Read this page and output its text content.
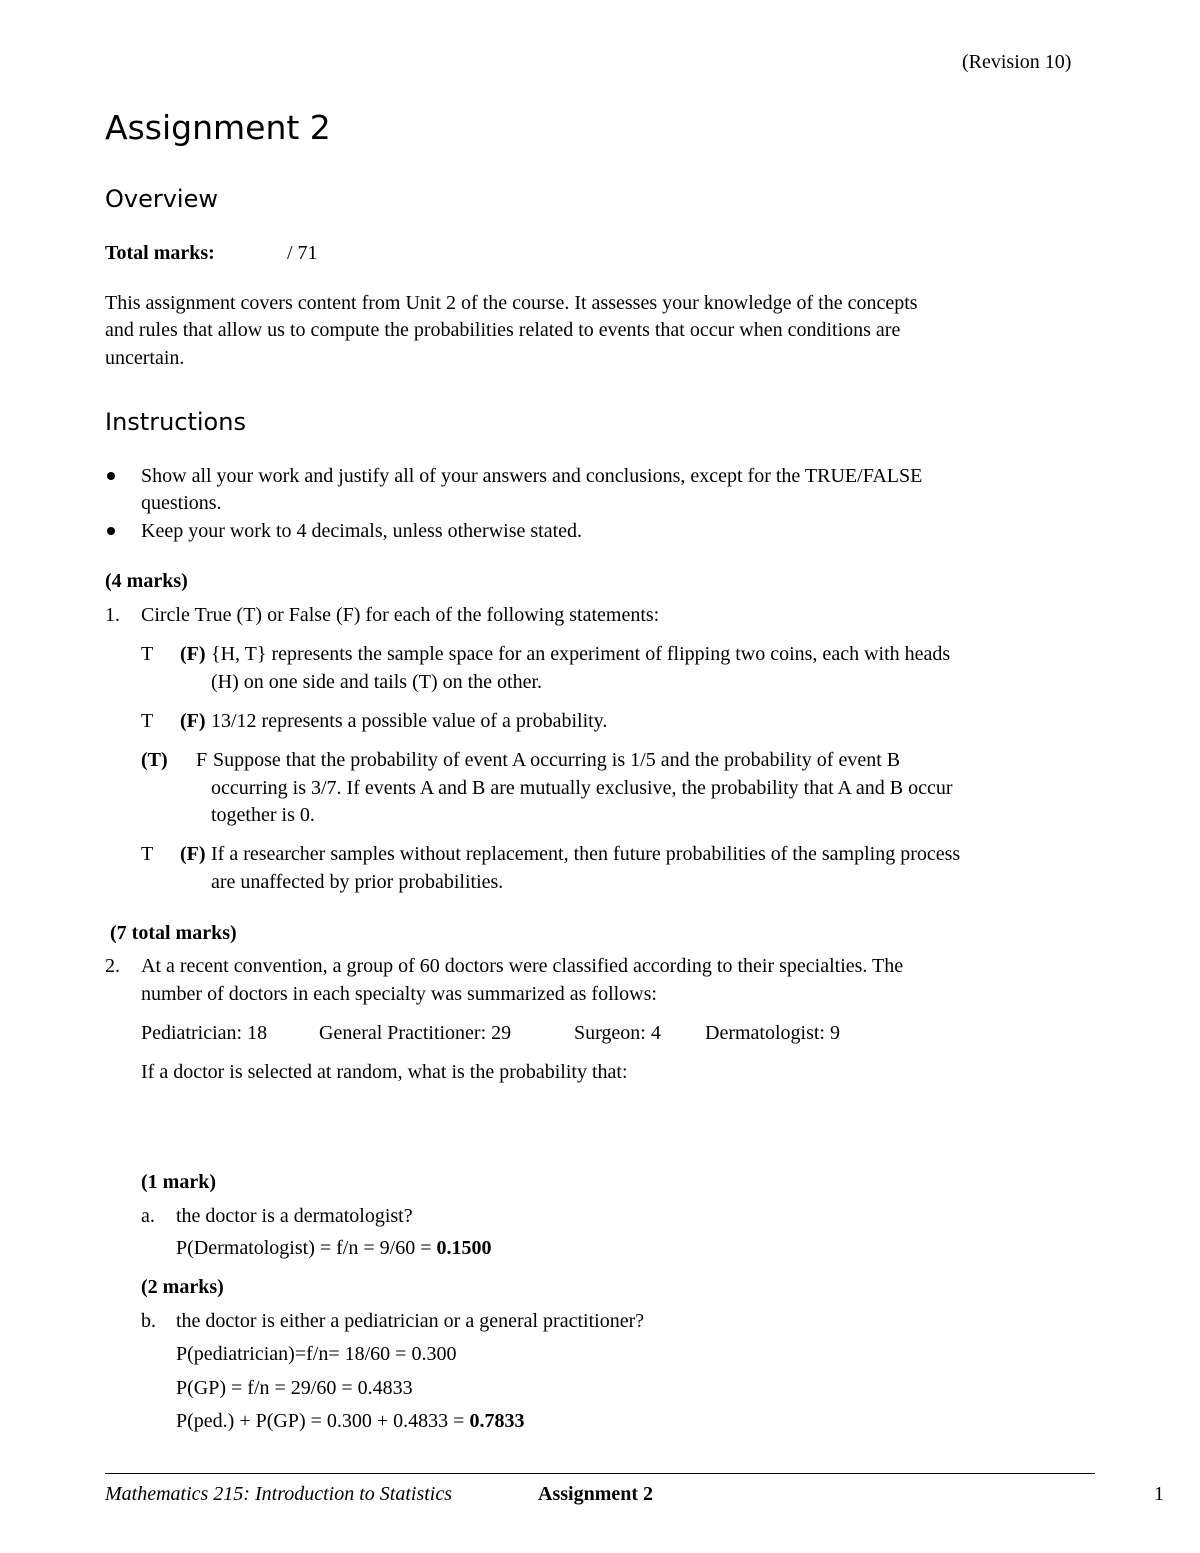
(Revision 10)
Assignment 2
Overview
Total marks:	/ 71
This assignment covers content from Unit 2 of the course. It assesses your knowledge of the concepts
and rules that allow us to compute the probabilities related to events that occur when conditions are
uncertain.
Instructions
Show all your work and justify all of your answers and conclusions, except for the TRUE/FALSE
questions.
Keep your work to 4 decimals, unless otherwise stated.
(4 marks)
1. Circle True (T) or False (F) for each of the following statements:
T (F) {H, T} represents the sample space for an experiment of flipping two coins, each with heads
(H) on one side and tails (T) on the other.
T (F) 13/12 represents a possible value of a probability.
(T) F Suppose that the probability of event A occurring is 1/5 and the probability of event B
occurring is 3/7. If events A and B are mutually exclusive, the probability that A and B occur
together is 0.
T (F) If a researcher samples without replacement, then future probabilities of the sampling process
are unaffected by prior probabilities.
(7 total marks)
2. At a recent convention, a group of 60 doctors were classified according to their specialties. The
number of doctors in each specialty was summarized as follows:
Pediatrician: 18	General Practitioner: 29	Surgeon: 4 Dermatologist: 9
If a doctor is selected at random, what is the probability that:
(1 mark)
a. the doctor is a dermatologist?
P(Dermatologist) = f/n = 9/60 = 0.1500
(2 marks)
b. the doctor is either a pediatrician or a general practitioner?
P(pediatrician)=f/n= 18/60 = 0.300
P(GP) = f/n = 29/60 = 0.4833
P(ped.) + P(GP) = 0.300 + 0.4833 = 0.7833
Mathematics 215: Introduction to Statistics	Assignment 2	1
